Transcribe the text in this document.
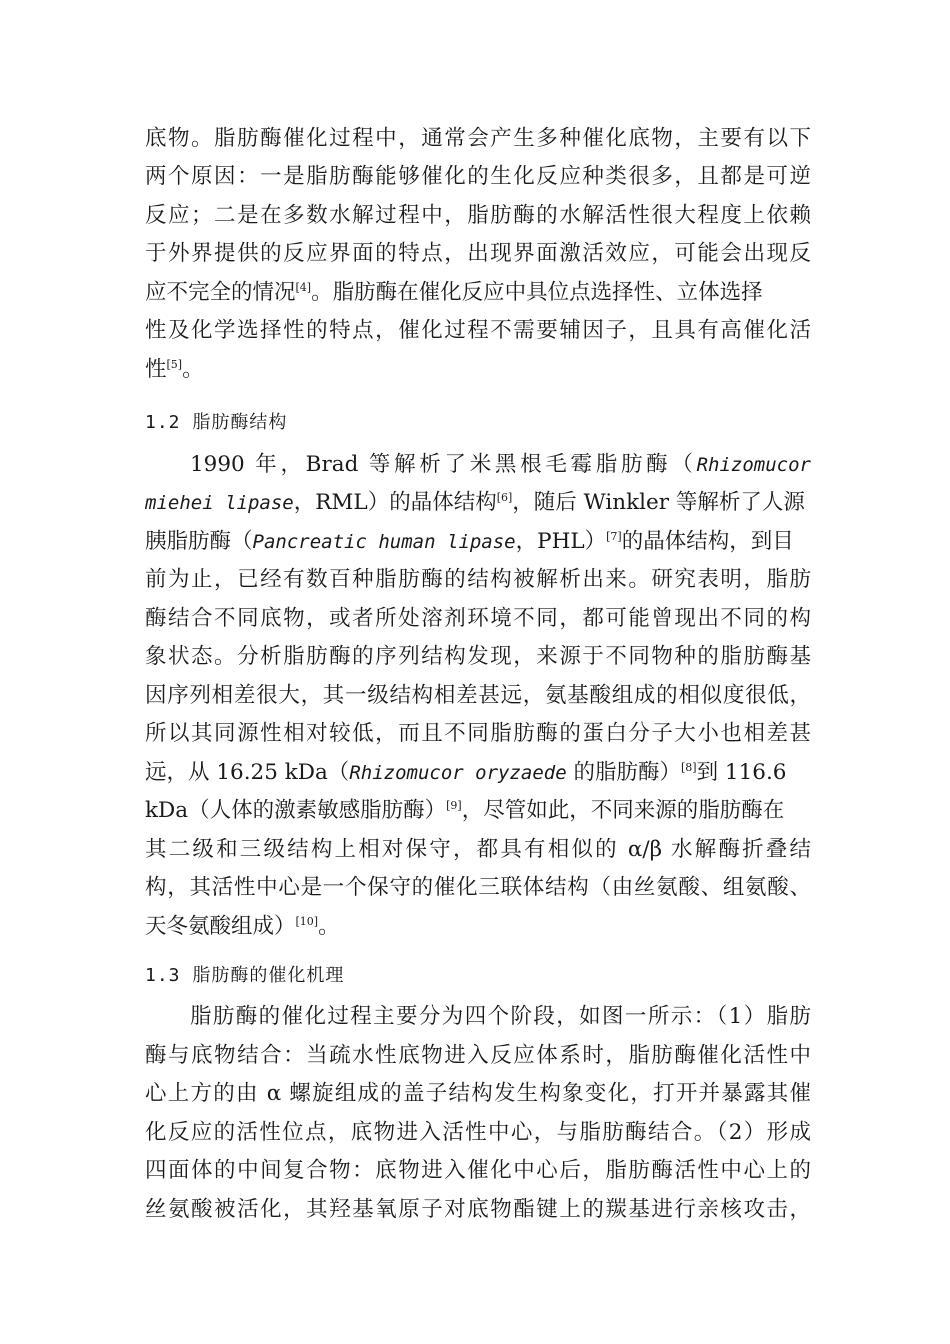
底物。脂肪酶催化过程中，通常会产生多种催化底物，主要有以下
两个原因：一是脂肪酶能够催化的生化反应种类很多，且都是可逆
反应；二是在多数水解过程中，脂肪酶的水解活性很大程度上依赖
于外界提供的反应界面的特点，出现界面激活效应，可能会出现反
应不完全的情况[4]。脂肪酶在催化反应中具位点选择性、立体选择
性及化学选择性的特点，催化过程不需要辅因子，且具有高催化活
性[5]。
1.2 脂肪酶结构
1990 年，Brad 等解析了米黑根毛霉脂肪酶（Rhizomucor
miehei lipase，RML）的晶体结构[6]，随后 Winkler 等解析了人源
胰脂肪酶（Pancreatic human lipase，PHL）[7]的晶体结构，到目
前为止，已经有数百种脂肪酶的结构被解析出来。研究表明，脂肪
酶结合不同底物，或者所处溶剂环境不同，都可能曾现出不同的构
象状态。分析脂肪酶的序列结构发现，来源于不同物种的脂肪酶基
因序列相差很大，其一级结构相差甚远，氨基酸组成的相似度很低，
所以其同源性相对较低，而且不同脂肪酶的蛋白分子大小也相差甚
远，从 16.25 kDa（Rhizomucor oryzaede 的脂肪酶）[8]到 116.6
kDa（人体的激素敏感脂肪酶）[9]，尽管如此，不同来源的脂肪酶在
其二级和三级结构上相对保守，都具有相似的 α/β 水解酶折叠结
构，其活性中心是一个保守的催化三联体结构（由丝氨酸、组氨酸、
天冬氨酸组成）[10]。
1.3 脂肪酶的催化机理
脂肪酶的催化过程主要分为四个阶段，如图一所示：（1）脂肪
酶与底物结合：当疏水性底物进入反应体系时，脂肪酶催化活性中
心上方的由 α 螺旋组成的盖子结构发生构象变化，打开并暴露其催
化反应的活性位点，底物进入活性中心，与脂肪酶结合。（2）形成
四面体的中间复合物：底物进入催化中心后，脂肪酶活性中心上的
丝氨酸被活化，其羟基氧原子对底物酯键上的羰基进行亲核攻击，
